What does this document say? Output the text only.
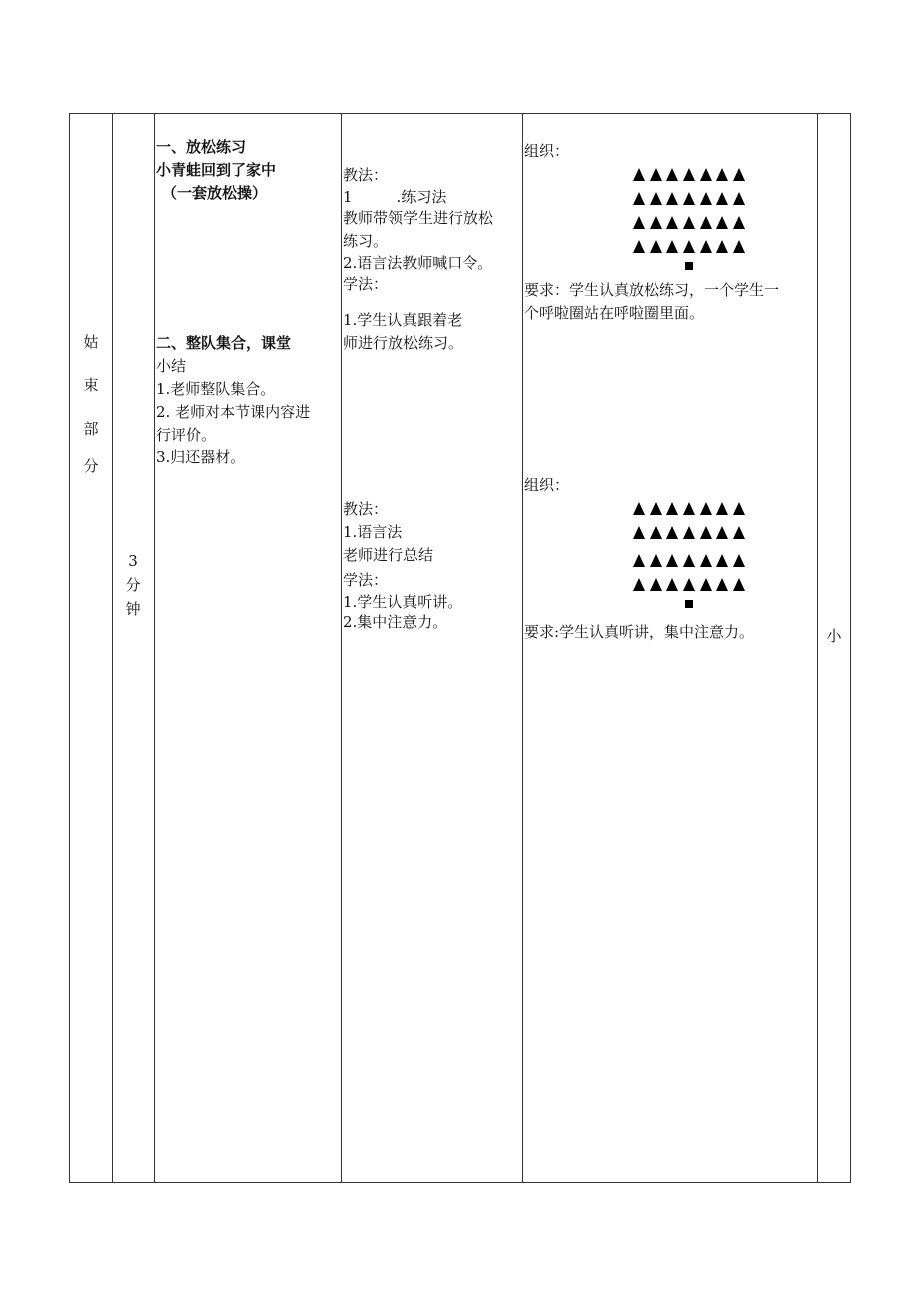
姑
束
部
分
3
分
钟

一、放松练习

小青蛙回到了家中

（一套放松操）

二、整队集合，课堂

小结

1.老师整队集合。

2. 老师对本节课内容进

行评价。

3.归还器材。

教法：

1	.练习法

教师带领学生进行放松

练习。

2.语言法教师喊口令。

学法：

1.学生认真跟着老

师进行放松练习。

教法：

1.语言法

老师进行总结

学法：

1.学生认真听讲。

2.集中注意力。

组织：

要求：学生认真放松练习，一个学生一

个呼啦圈站在呼啦圈里面。

组织：

要求:学生认真听讲，集中注意力。	小
